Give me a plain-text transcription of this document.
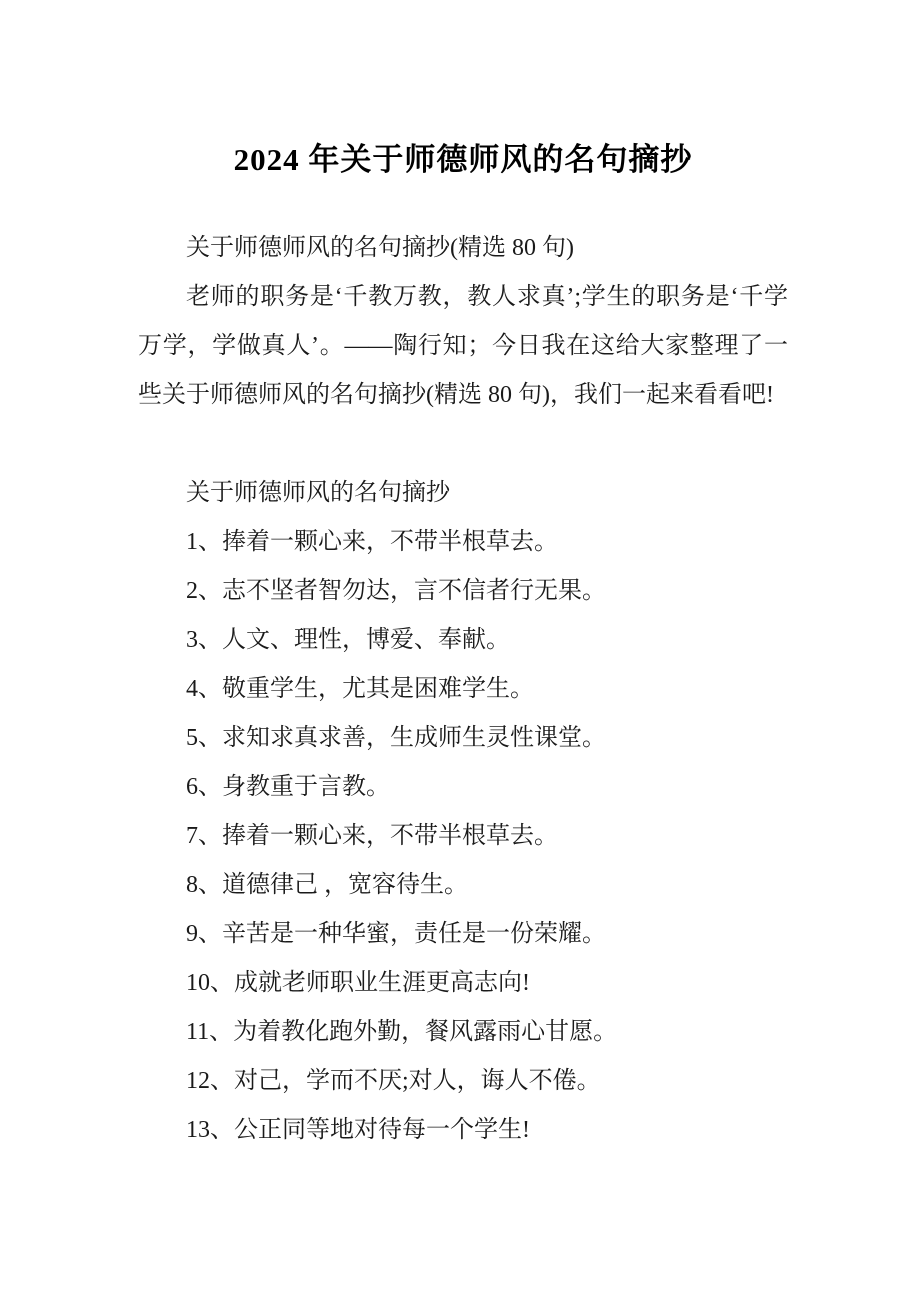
2024 年关于师德师风的名句摘抄

关于师德师风的名句摘抄(精选 80 句)

老师的职务是‘千教万教，教人求真’;学生的职务是‘千学万学，学做真人’。——陶行知；今日我在这给大家整理了一些关于师德师风的名句摘抄(精选 80 句)，我们一起来看看吧!

关于师德师风的名句摘抄

1、捧着一颗心来，不带半根草去。
2、志不坚者智勿达，言不信者行无果。
3、人文、理性，博爱、奉献。
4、敬重学生，尤其是困难学生。
5、求知求真求善，生成师生灵性课堂。
6、身教重于言教。
7、捧着一颗心来，不带半根草去。
8、道德律己 ，宽容待生。
9、辛苦是一种华蜜，责任是一份荣耀。
10、成就老师职业生涯更高志向!
11、为着教化跑外勤，餐风露雨心甘愿。
12、对己，学而不厌;对人，诲人不倦。
13、公正同等地对待每一个学生!
